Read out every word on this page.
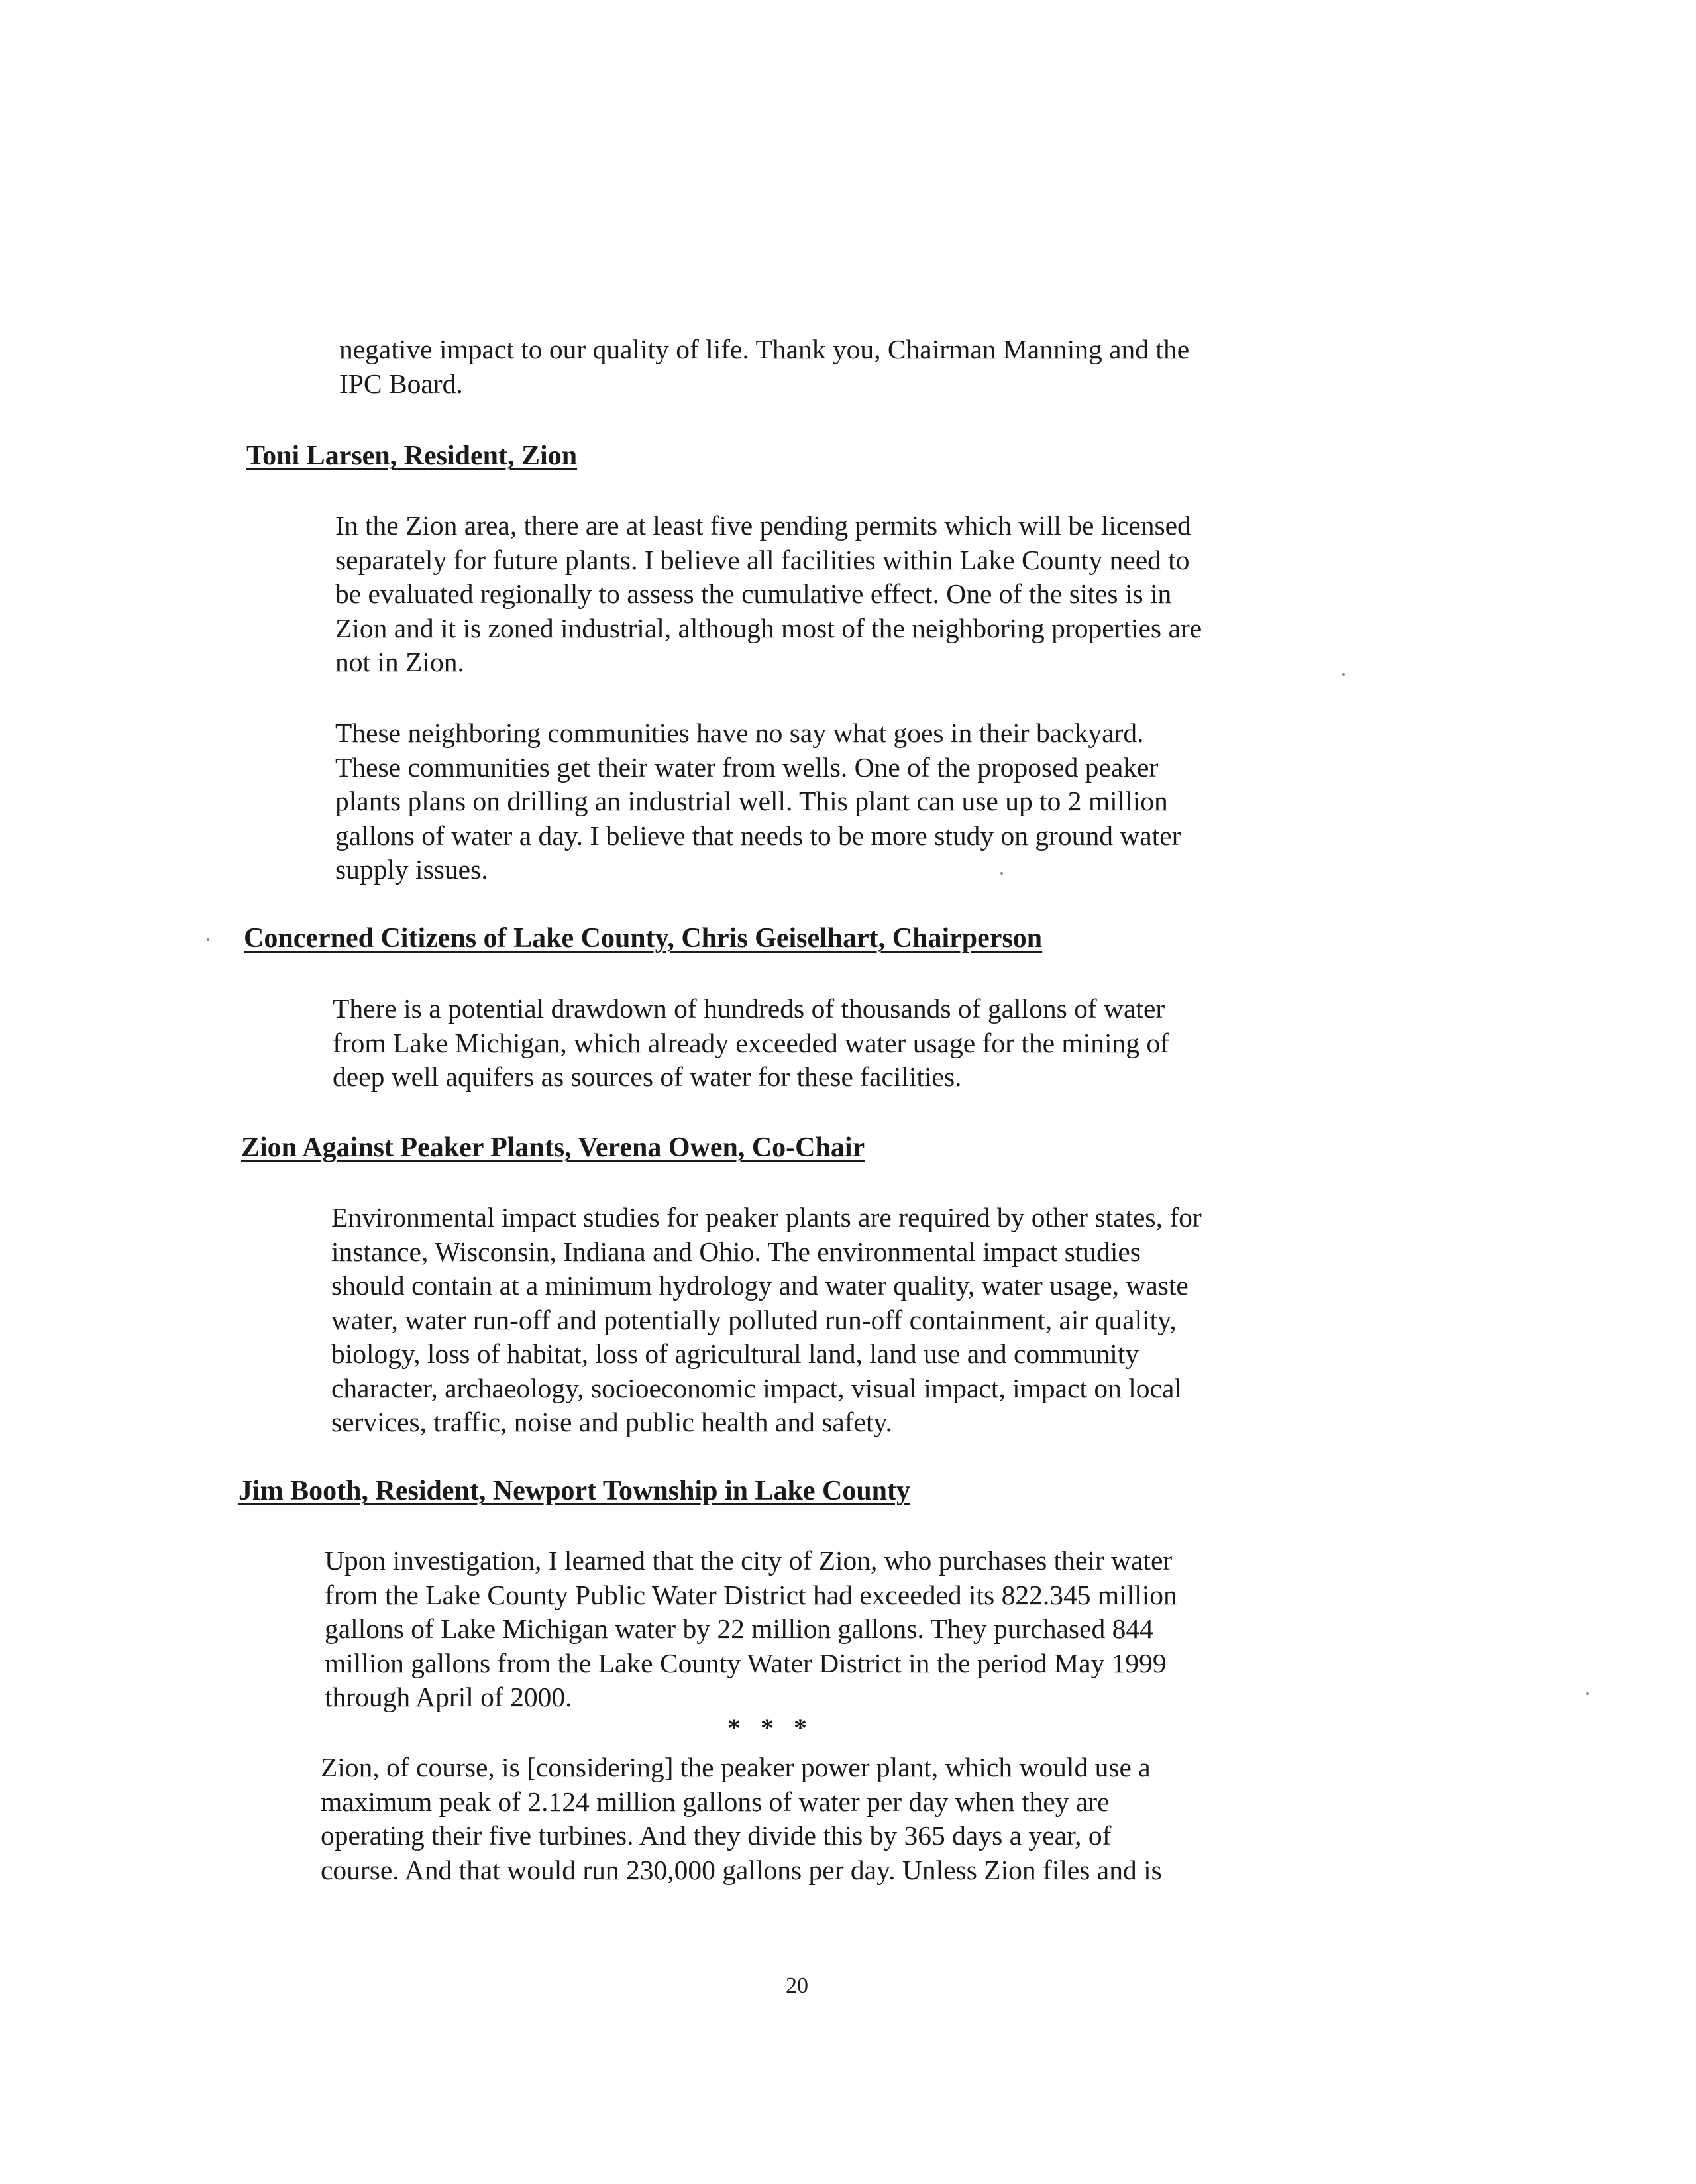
negative impact to our quality of life. Thank you, Chairman Manning and the
IPC Board.
Toni Larsen, Resident, Zion
In the Zion area, there are at least five pending permits which will be licensed
separately for future plants. I believe all facilities within Lake County need to
be evaluated regionally to assess the cumulative effect. One of the sites is in
Zion and it is zoned industrial, although most of the neighboring properties are
not in Zion.
These neighboring communities have no say what goes in their backyard.
These communities get their water from wells. One of the proposed peaker
plants plans on drilling an industrial well. This plant can use up to 2 million
gallons of water a day. I believe that needs to be more study on ground water
supply issues.
Concerned Citizens of Lake County, Chris Geiselhart, Chairperson
There is a potential drawdown of hundreds of thousands of gallons of water
from Lake Michigan, which already exceeded water usage for the mining of
deep well aquifers as sources of water for these facilities.
Zion Against Peaker Plants, Verena Owen, Co-Chair
Environmental impact studies for peaker plants are required by other states, for
instance, Wisconsin, Indiana and Ohio. The environmental impact studies
should contain at a minimum hydrology and water quality, water usage, waste
water, water run-off and potentially polluted run-off containment, air quality,
biology, loss of habitat, loss of agricultural land, land use and community
character, archaeology, socioeconomic impact, visual impact, impact on local
services, traffic, noise and public health and safety.
Jim Booth, Resident, Newport Township in Lake County
Upon investigation, I learned that the city of Zion, who purchases their water
from the Lake County Public Water District had exceeded its 822.345 million
gallons of Lake Michigan water by 22 million gallons. They purchased 844
million gallons from the Lake County Water District in the period May 1999
through April of 2000.
* * *
Zion, of course, is [considering] the peaker power plant, which would use a
maximum peak of 2.124 million gallons of water per day when they are
operating their five turbines. And they divide this by 365 days a year, of
course. And that would run 230,000 gallons per day. Unless Zion files and is
20
